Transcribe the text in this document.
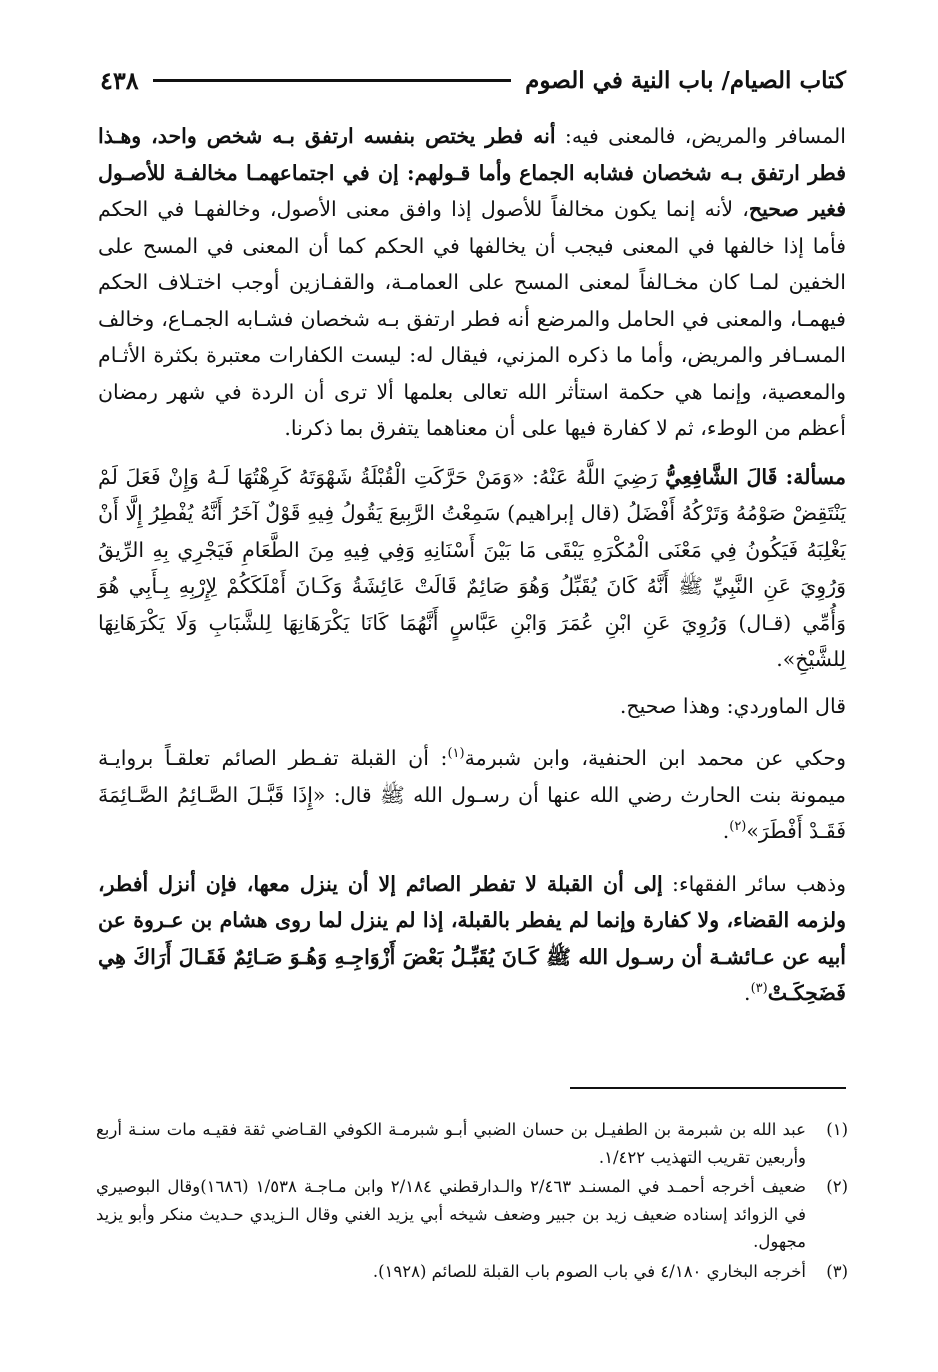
٤٣٨	كتاب الصيام/ باب النية في الصوم

المسافر والمريض، فالمعنى فيه: أنه فطر يختص بنفسه ارتفق بـه شخص واحد، وهـذا فطر ارتفق بـه شخصان فشابه الجماع وأما قـولهم: إن في اجتماعهمـا مخالفـة للأصـول فغير صحيح، لأنه إنما يكون مخالفاً للأصول إذا وافق معنى الأصول، وخالفهـا في الحكم فأما إذا خالفها في المعنى فيجب أن يخالفها في الحكم كما أن المعنى في المسح على الخفين لمـا كان مخـالفاً لمعنى المسح على العمامـة، والقفـازين أوجب اختـلاف الحكم فيهمـا، والمعنى في الحامل والمرضع أنه فطر ارتفق بـه شخصان فشـابه الجمـاع، وخالف المسـافر والمريض، وأما ما ذكره المزني، فيقال له: ليست الكفارات معتبرة بكثرة الأثـام والمعصية، وإنما هي حكمة استأثر الله تعالى بعلمها ألا ترى أن الردة في شهر رمضان أعظم من الوطء، ثم لا كفارة فيها على أن معناهما يتفرق بما ذكرنا.

مسألة: قَالَ الشَّافِعِيُّ رَضِيَ اللَّهُ عَنْهُ: «وَمَنْ حَرَّكَتِ الْقُبْلَةُ شَهْوَتَهُ كَرِهْتُهَا لَـهُ وَإِنْ فَعَلَ لَمْ يَنْتَقِضْ صَوْمُهُ وَتَرْكُهُ أَفْضَلُ (قال إبراهيم) سَمِعْتُ الرَّبِيعَ يَقُولُ فِيهِ قَوْلٌ آخَرُ أَنَّهُ يُفْطِرُ إِلَّا أَنْ يَغْلِبَهُ فَيَكُونُ فِي مَعْنَى الْمُكْرَهِ يَبْقَى مَا بَيْنَ أَسْنَانِهِ وَفِي فِيهِ مِنَ الطَّعَامِ فَيَجْرِي بِهِ الرِّيقُ وَرُوِيَ عَنِ النَّبِيِّ ﷺ أَنَّهُ كَانَ يُقَبِّلُ وَهُوَ صَائِمٌ قَالَتْ عَائِشَةُ وَكَـانَ أَمْلَكَكُمْ لِإِرْبِهِ بِـأَبِي هُوَ وَأُمِّي (قـال) وَرُوِيَ عَنِ ابْنِ عُمَرَ وَابْنِ عَبَّاسٍ أَنَّهُمَا كَانَا يَكْرَهَانِهَا لِلشَّبَابِ وَلَا يَكْرَهَانِهَا لِلشَّيْخِ».

قال الماوردي: وهذا صحيح.

وحكي عن محمد ابن الحنفية، وابن شبرمة$^{(١)}$: أن القبلة تفـطر الصائم تعلقـاً بروايـة ميمونة بنت الحارث رضي الله عنها أن رسـول الله ﷺ قال: «إِذَا قَبَّـلَ الصَّـائِمُ الصَّـائِمَةَ فَقَـدْ أَفْطَرَ»$^{(٢)}$.

وذهب سائر الفقهاء: إلى أن القبلة لا تفطر الصائم إلا أن ينزل معها، فإن أنزل أفطر، ولزمه القضاء، ولا كفارة وإنما لم يفطر بالقبلة، إذا لم ينزل لما روى هشام بن عـروة عن أبيه عن عـائشـة أن رسـول الله ﷺ كَـانَ يُقَبِّـلُ بَعْضَ أَزْوَاجِـهِ وَهُـوَ صَـائِمٌ فَقَـالَ أَرَاكَ هِي فَضَحِكَـتْ$^{(٣)}$.

(١)
عبد الله بن شبرمة بن الطفيـل بن حسان الضبي أبـو شبرمـة الكوفي القـاضي ثقة فقيـه مات سنـة أربع وأربعين تقريب التهذيب ١/٤٢٢.
(٢)
ضعيف أخرجه أحمـد في المسنـد ٢/٤٦٣ والـدارقطني ٢/١٨٤ وابن مـاجـة ١/٥٣٨ (١٦٨٦)وقال البوصيري في الزوائد إسناده ضعيف زيد بن جبير وضعف شيخه أبي يزيد الغني وقال الـزيدي حـديث منكر وأبو يزيد مجهول.
(٣)
أخرجه البخاري ٤/١٨٠ في باب الصوم باب القبلة للصائم (١٩٢٨).
